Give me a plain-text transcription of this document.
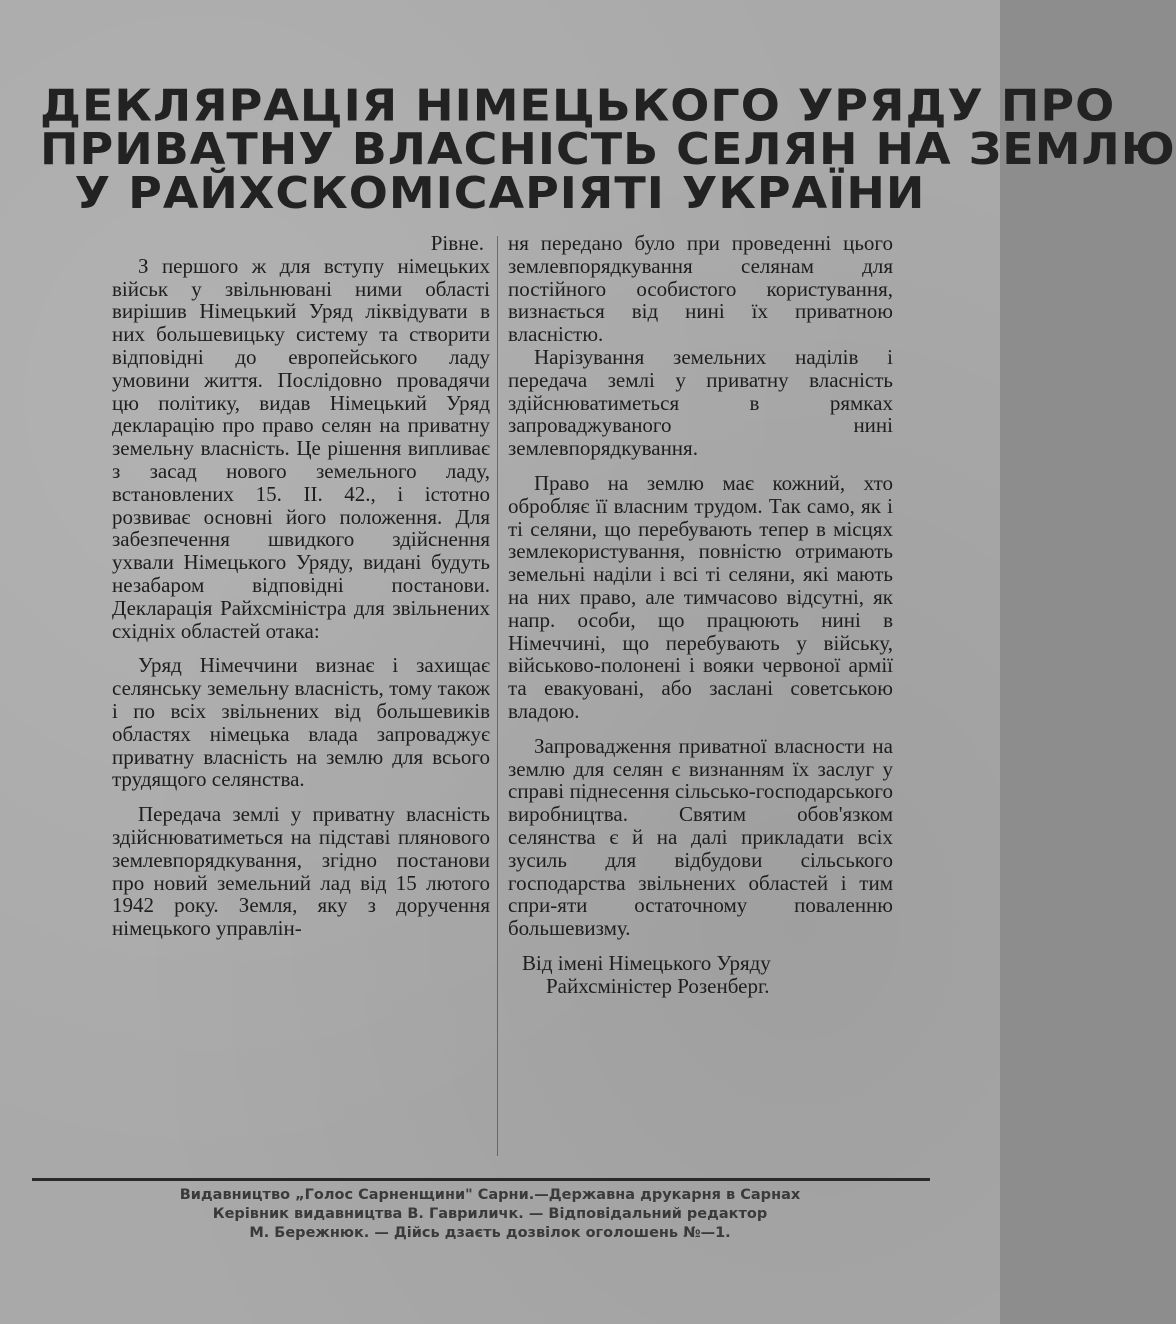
ДЕКЛЯРАЦІЯ НІМЕЦЬКОГО УРЯДУ ПРО
ПРИВАТНУ ВЛАСНІСТЬ СЕЛЯН НА ЗЕМЛЮ
У РАЙХСКОМІСАРІЯТІ УКРАЇНИ

Рівне.

З першого ж для вступу німецьких військ у звільнювані ними області вирішив Німецький Уряд ліквідувати в них большевицьку систему та створити відповідні до европейського ладу умовини життя. Послідовно провадячи цю політику, видав Німецький Уряд декларацію про право селян на приватну земельну власність. Це рішення випливає з засад нового земельного ладу, встановлених 15. II. 42., і істотно розвиває основні його положення. Для забезпечення швидкого здійснення ухвали Німецького Уряду, видані будуть незабаром відповідні постанови. Декларація Райхсміністра для звільнених східніх областей отака:

Уряд Німеччини визнає і захищає селянську земельну власність, тому також і по всіх звільнених від большевиків областях німецька влада запроваджує приватну власність на землю для всього трудящого селянства.

Передача землі у приватну власність здійснюватиметься на підставі плянового землевпорядкування, згідно постанови про новий земельний лад від 15 лютого 1942 року. Земля, яку з доручення німецького управлін-

ня передано було при проведенні цього землевпорядкування селянам для постійного особистого користування, визнається від нині їх приватною власністю.

Нарізування земельних наділів і передача землі у приватну власність здійснюватиметься в рямках запроваджуваного нині землевпорядкування.

Право на землю має кожний, хто обробляє її власним трудом. Так само, як і ті селяни, що перебувають тепер в місцях землекористування, повністю отримають земельні наділи і всі ті селяни, які мають на них право, але тимчасово відсутні, як напр. особи, що працюють нині в Німеччині, що перебувають у війську, військово-полонені і вояки червоної армії та евакуовані, або заслані советською владою.

Запровадження приватної власности на землю для селян є визнанням їх заслуг у справі піднесення сільсько-господарського виробництва. Святим обов'язком селянства є й на далі прикладати всіх зусиль для відбудови сільського господарства звільнених областей і тим спри-яти остаточному поваленню большевизму.

Від імені Німецького Уряду
Райхсміністер Розенберг.
Видавництво „Голос Сарненщини" Сарни.—Державна друкарня в Сарнах
Керівник видавництва В. Гавриличк. — Відповідальний редактор
М. Бережнюк. — Дійсь дзаєть дозвілок оголошень №—1.
